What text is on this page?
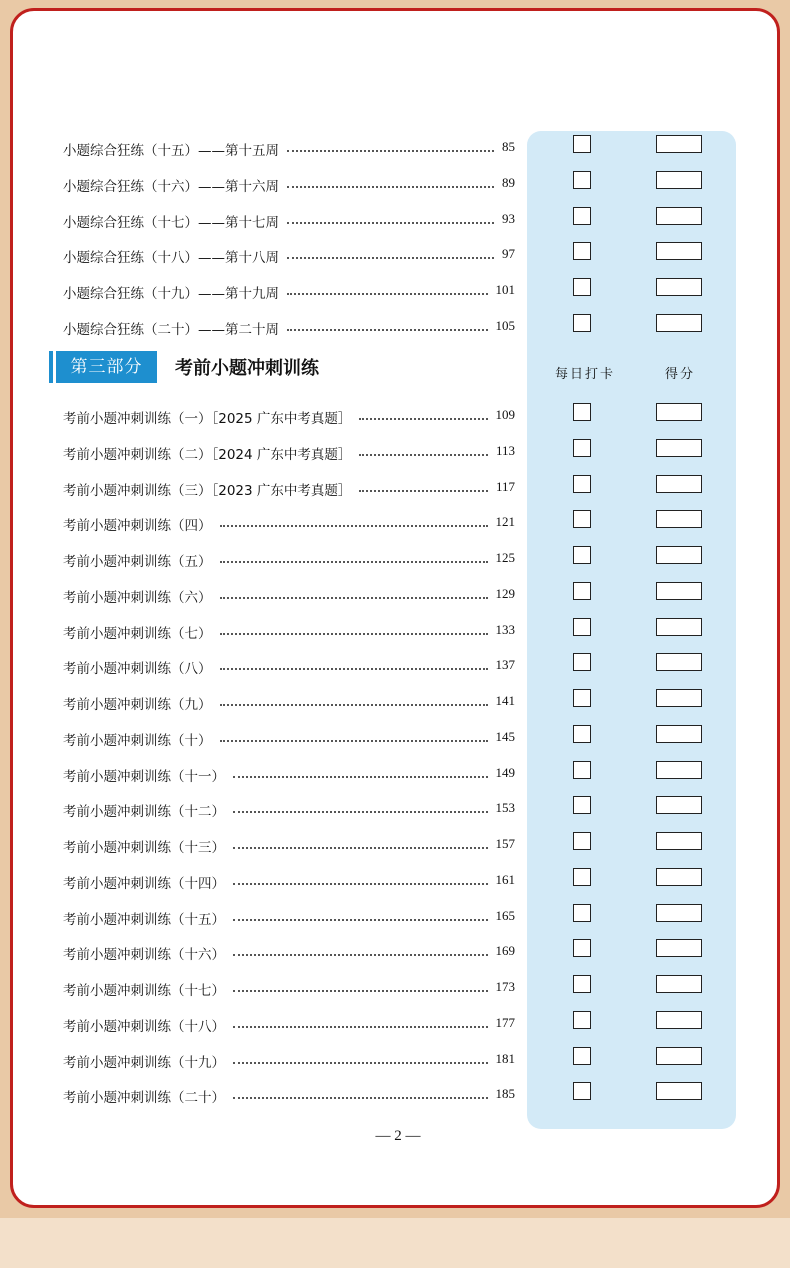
小题综合狂练（十五）——第十五周	85
小题综合狂练（十六）——第十六周	89
小题综合狂练（十七）——第十七周	93
小题综合狂练（十八）——第十八周	97
小题综合狂练（十九）——第十九周	101
小题综合狂练（二十）——第二十周	105
第三部分	考前小题冲刺训练	每日打卡	得分
考前小题冲刺训练（一）［2025 广东中考真题］	109
考前小题冲刺训练（二）［2024 广东中考真题］	113
考前小题冲刺训练（三）［2023 广东中考真题］	117
考前小题冲刺训练（四）	121
考前小题冲刺训练（五）	125
考前小题冲刺训练（六）	129
考前小题冲刺训练（七）	133
考前小题冲刺训练（八）	137
考前小题冲刺训练（九）	141
考前小题冲刺训练（十）	145
考前小题冲刺训练（十一）	149
考前小题冲刺训练（十二）	153
考前小题冲刺训练（十三）	157
考前小题冲刺训练（十四）	161
考前小题冲刺训练（十五）	165
考前小题冲刺训练（十六）	169
考前小题冲刺训练（十七）	173
考前小题冲刺训练（十八）	177
考前小题冲刺训练（十九）	181
考前小题冲刺训练（二十）	185
— 2 —
